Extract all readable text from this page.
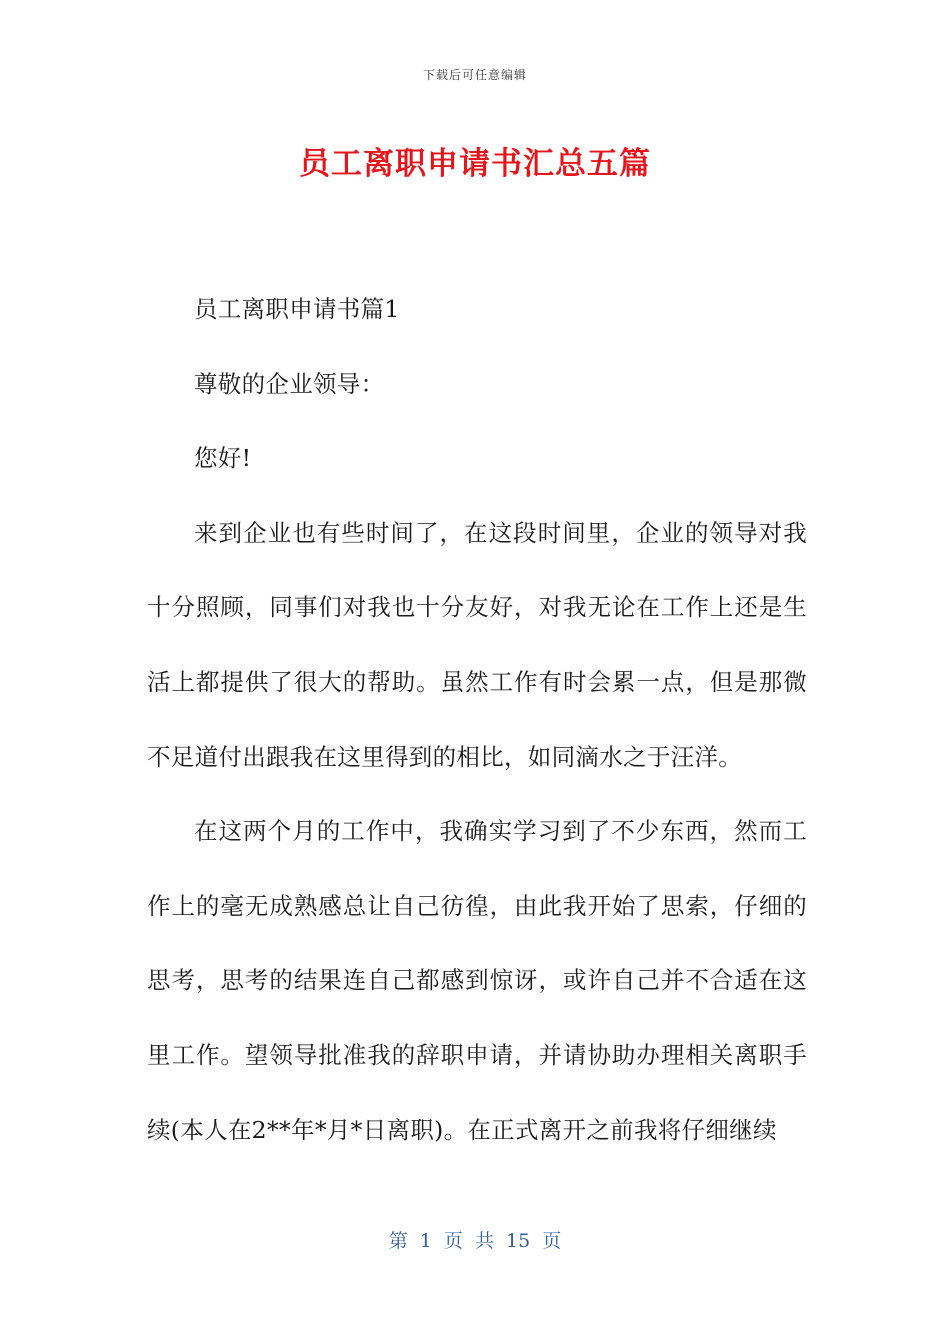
下载后可任意编辑
员工离职申请书汇总五篇

员工离职申请书篇1

尊敬的企业领导：

您好!

来到企业也有些时间了，在这段时间里，企业的领导对我十分照顾，同事们对我也十分友好，对我无论在工作上还是生活上都提供了很大的帮助。虽然工作有时会累一点，但是那微不足道付出跟我在这里得到的相比，如同滴水之于汪洋。

在这两个月的工作中，我确实学习到了不少东西，然而工作上的毫无成熟感总让自己彷徨，由此我开始了思索，仔细的思考，思考的结果连自己都感到惊讶，或许自己并不合适在这里工作。望领导批准我的辞职申请，并请协助办理相关离职手续(本人在2**年*月*日离职)。在正式离开之前我将仔细继续

第 1 页 共 15 页
